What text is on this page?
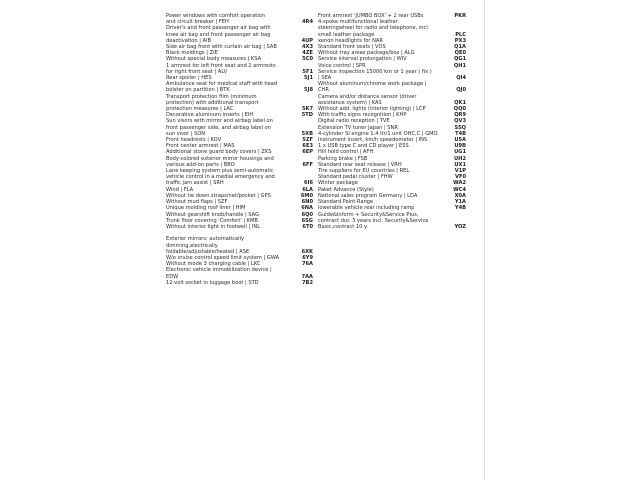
Power windows with comfort operation
and circuit breaker | FEH	4R4
Driver's and front passenger air bag with
knee air bag and front passenger air bag
deactivation | AIB	4UP
Side air bag front with curtain air bag | SAB	4X3
Black moldings | ZIE	4ZE
Without special body measures | KSA	5C0
1 armrest for left front seat and 2 armrests
for right front seat | ALV	5F1
Rear spoiler | HES	5J1
Ambulance seat for medical staff with head
bolster on partition | BTK	5J8
Transport protection film (minimum
protection) with additional transport
protection measures | LAC	5K7
Decorative aluminum inserts | EIH	5TD
Sun visors with mirror and airbag label on
front passenger side, and airbag label on
sun visor | SON	5XB
Front headrests | KOV	5ZF
Front center armrest | MAS	6E3
Additional stone guard body covers | ZKS	6EP
Body-colored exterior mirror housings and
various add-on parts | BBO	6FF
Lane keeping system plus semi-automatic
vehicle control in a medial emergency and
traffic jam assist | SRH	6I6
Wind | FLA	6LA
Without tie down straps/net/pocket | GPS	6M0
Without mud flaps | SZF	6N0
Unique molding roof liner | HIM	6NA
Without gearshift knob/handle | SAG	6Q0
Trunk floor covering 'Comfort' | KMB	6SG
Without interior light in footwell | INL	6T0
Exterior mirrors: automatically
dimming,electrically
foldable/adjustable/heated | ASE	6XK
W/o cruise control speed limit system | GWA	6Y9
Without mode 3 charging cable | LKC	76A
Electronic vehicle immobilization device |
EDW	7AA
12-volt socket in luggage boot | STD	7B2
Front armrest 'JUMBO BOX' + 2 rear USBs	PKR
4-spoke multifunctional leather
steeringwheel for radio and telephone, incl.
small leather package	PLC
xenon headlights for NAR	PX3
Standard front seats | VOS	Q1A
Without tray areas package/box | ALG	QE0
Service interval prolongation | WIV	QG1
Voice control | SPR	QH1
Service inspection 15000 km or 1 year ( fix )
| SEA	QI4
Without aluminum/chrome work package |
CHR	QJ0
Camera and/or distance sensor (driver
assistance system) | KAS	QK1
Without add. lights (interior lighting) | LCP	QQ0
With traffic signs recognition | KHP	QR9
Digital radio reception | TVE	QV3
Extension TV tuner Japan | SNR	S5Q
4-cylinder SI engine 1.4 ltr/1 unit OHC,C | GMO	T4B
Instrument insert, km/h speedometer | INS	U5A
1 x USB type C and CD player | ESS	U9B
Hill hold control | AFH	UG1
Parking brake | FSB	UH2
Standard rear seat release | VRH	UX1
Tire suppliers for EU countries | REL	V1P
Standard pedal cluster | FHW	VF0
Winter package	WA2
Paket Advance (Style)	WC4
National sales program Germany | LDA	X0A
Standard Paint Range	Y1A
lowerable vehicle rear including ramp	Y4B
Guide&Inform + Security&Service Plus,
contract dur. 3 years incl. Security&Service
Basic,contract 10 y.	YOZ
